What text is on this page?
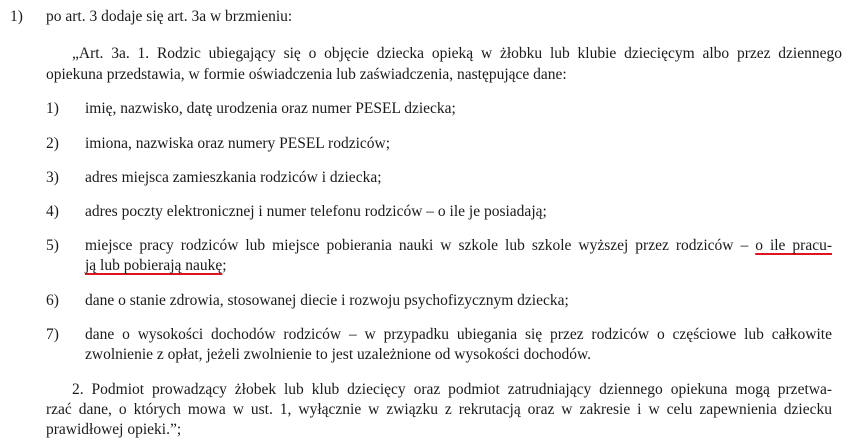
1) po art. 3 dodaje się art. 3a w brzmieniu:
„Art. 3a. 1. Rodzic ubiegający się o objęcie dziecka opieką w żłobku lub klubie dziecięcym albo przez dziennego
opiekuna przedstawia, w formie oświadczenia lub zaświadczenia, następujące dane:
1) imię, nazwisko, datę urodzenia oraz numer PESEL dziecka;
2) imiona, nazwiska oraz numery PESEL rodziców;
3) adres miejsca zamieszkania rodziców i dziecka;
4) adres poczty elektronicznej i numer telefonu rodziców – o ile je posiadają;
5) miejsce pracy rodziców lub miejsce pobierania nauki w szkole lub szkole wyższej przez rodziców – o ile pracu-
ją lub pobierają naukę;
6) dane o stanie zdrowia, stosowanej diecie i rozwoju psychofizycznym dziecka;
7) dane o wysokości dochodów rodziców – w przypadku ubiegania się przez rodziców o częściowe lub całkowite
zwolnienie z opłat, jeżeli zwolnienie to jest uzależnione od wysokości dochodów.
2. Podmiot prowadzący żłobek lub klub dziecięcy oraz podmiot zatrudniający dziennego opiekuna mogą przetwa-
rzać dane, o których mowa w ust. 1, wyłącznie w związku z rekrutacją oraz w zakresie i w celu zapewnienia dziecku
prawidłowej opieki.”;
